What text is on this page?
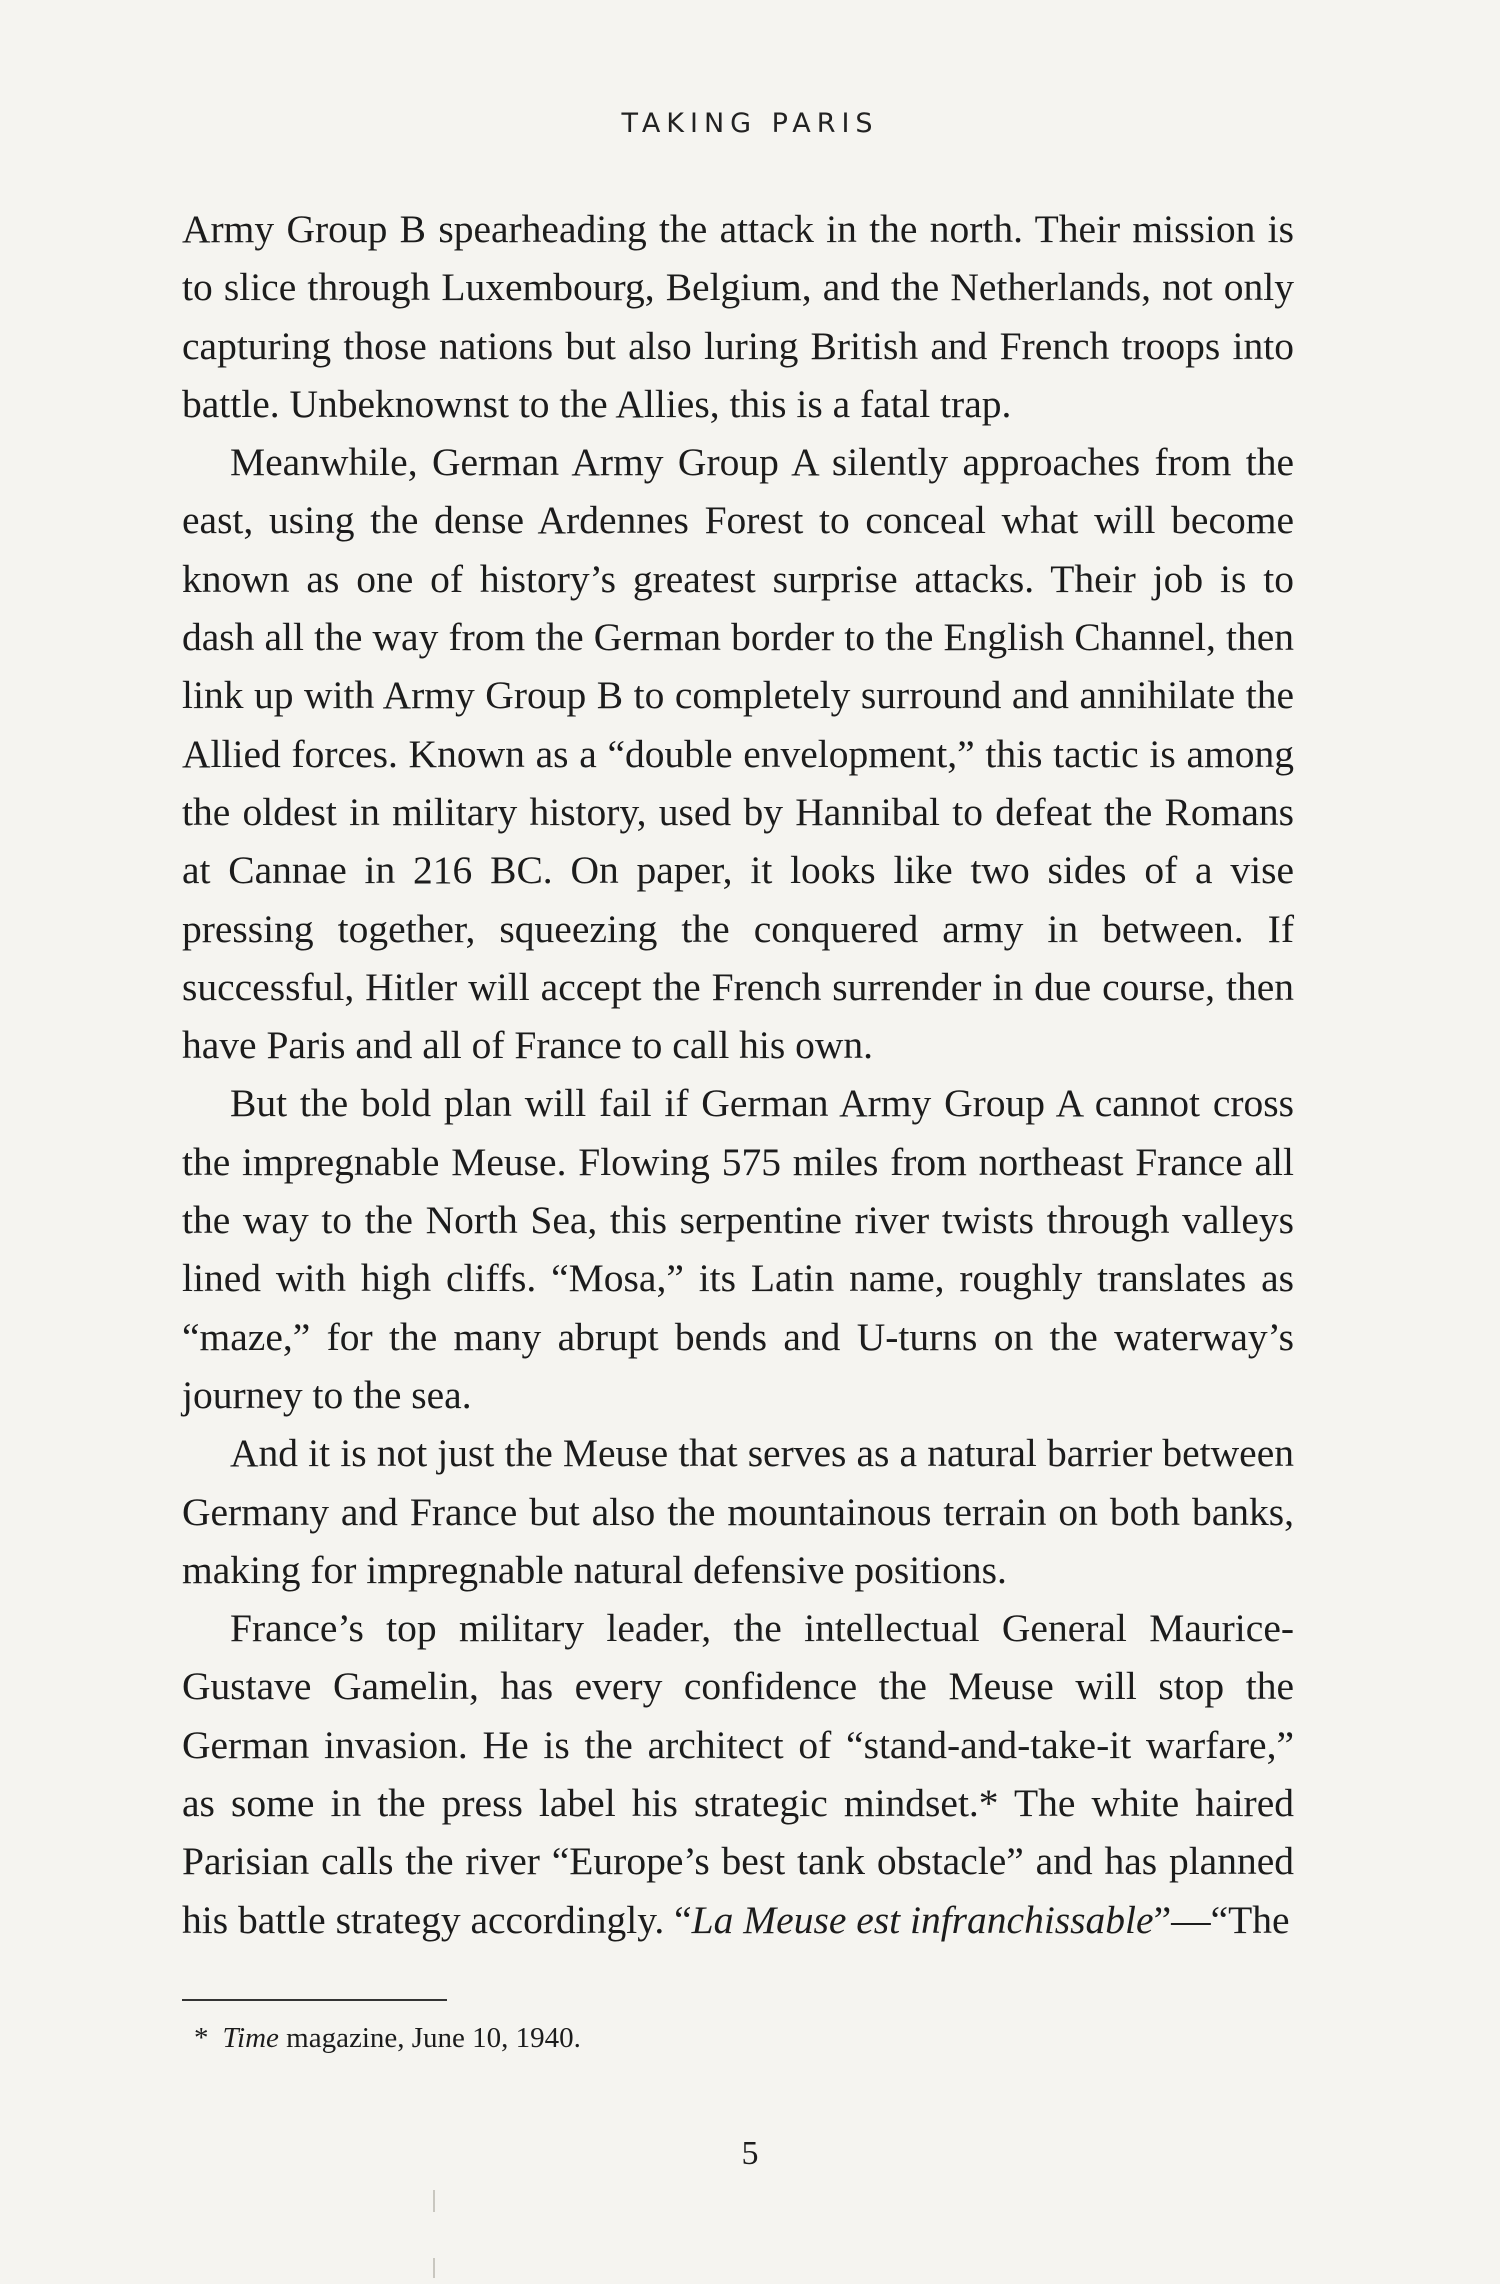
TAKING PARIS

Army Group B spearheading the attack in the north. Their mission is to slice through Luxembourg, Belgium, and the Netherlands, not only capturing those nations but also luring British and French troops into battle. Unbeknownst to the Allies, this is a fatal trap.

Meanwhile, German Army Group A silently approaches from the east, using the dense Ardennes Forest to conceal what will become known as one of history’s greatest surprise attacks. Their job is to dash all the way from the German border to the English Channel, then link up with Army Group B to completely surround and annihilate the Allied forces. Known as a “double envelopment,” this tactic is among the oldest in military history, used by Hannibal to defeat the Romans at Cannae in 216 BC. On paper, it looks like two sides of a vise pressing together, squeezing the conquered army in between. If successful, Hitler will accept the French surrender in due course, then have Paris and all of France to call his own.

But the bold plan will fail if German Army Group A cannot cross the impregnable Meuse. Flowing 575 miles from northeast France all the way to the North Sea, this serpentine river twists through valleys lined with high cliffs. “Mosa,” its Latin name, roughly translates as “maze,” for the many abrupt bends and U-turns on the waterway’s journey to the sea.

And it is not just the Meuse that serves as a natural barrier between Germany and France but also the mountainous terrain on both banks, making for impregnable natural defensive positions.

France’s top military leader, the intellectual General Maurice-Gustave Gamelin, has every confidence the Meuse will stop the German invasion. He is the architect of “stand-and-take-it warfare,” as some in the press label his strategic mindset.* The white haired Parisian calls the river “Europe’s best tank obstacle” and has planned his battle strategy accordingly. “La Meuse est infranchissable”—“The

* Time magazine, June 10, 1940.
5
